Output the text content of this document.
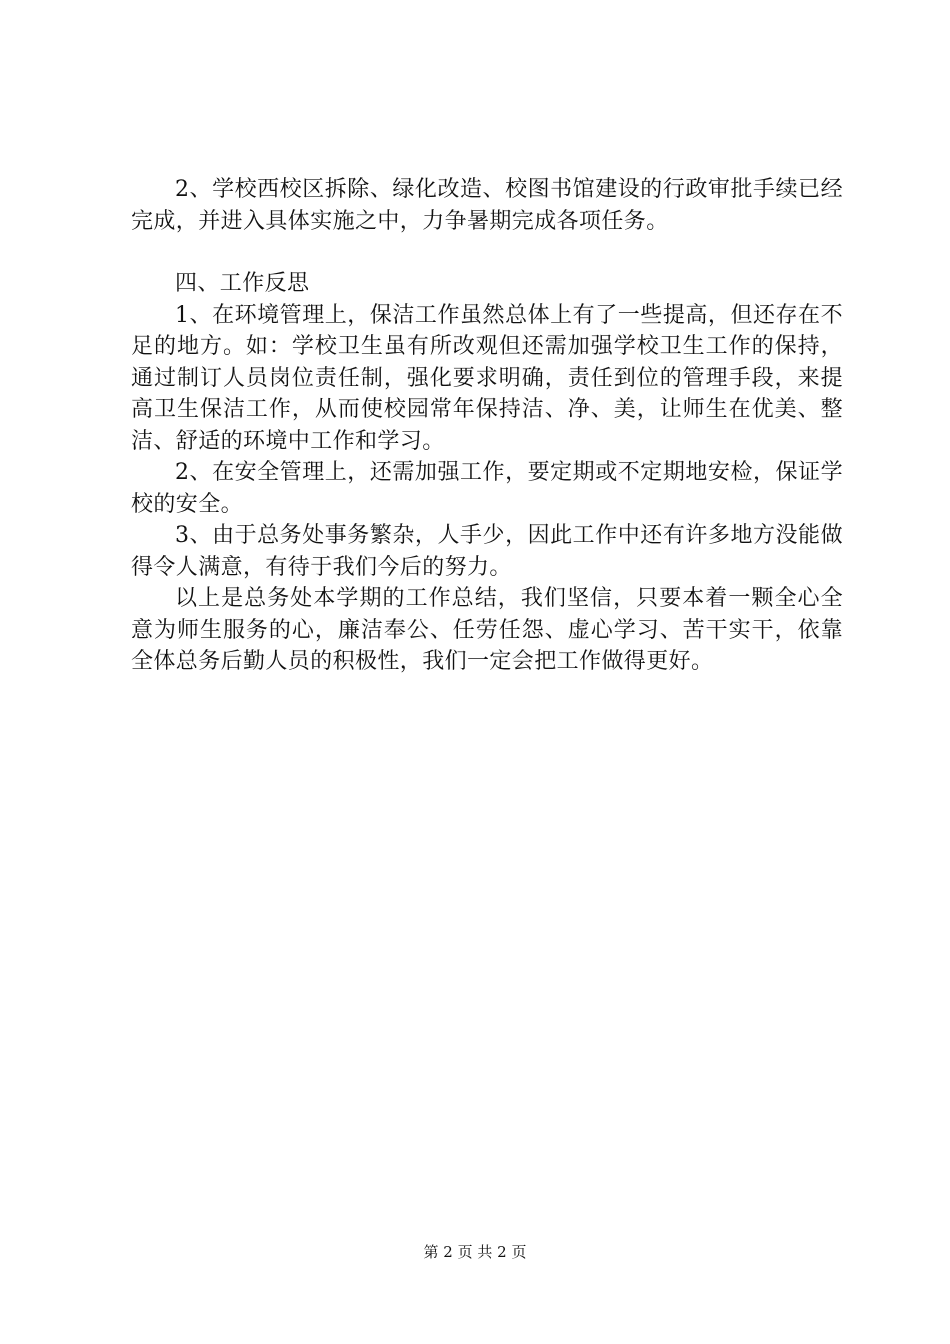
2、学校西校区拆除、绿化改造、校图书馆建设的行政审批手续已经完成，并进入具体实施之中，力争暑期完成各项任务。

四、工作反思

1、在环境管理上，保洁工作虽然总体上有了一些提高，但还存在不足的地方。如：学校卫生虽有所改观但还需加强学校卫生工作的保持，通过制订人员岗位责任制，强化要求明确，责任到位的管理手段，来提高卫生保洁工作，从而使校园常年保持洁、净、美，让师生在优美、整洁、舒适的环境中工作和学习。

2、在安全管理上，还需加强工作，要定期或不定期地安检，保证学校的安全。

3、由于总务处事务繁杂，人手少，因此工作中还有许多地方没能做得令人满意，有待于我们今后的努力。

以上是总务处本学期的工作总结，我们坚信，只要本着一颗全心全意为师生服务的心，廉洁奉公、任劳任怨、虚心学习、苦干实干，依靠全体总务后勤人员的积极性，我们一定会把工作做得更好。

第 2 页 共 2 页
